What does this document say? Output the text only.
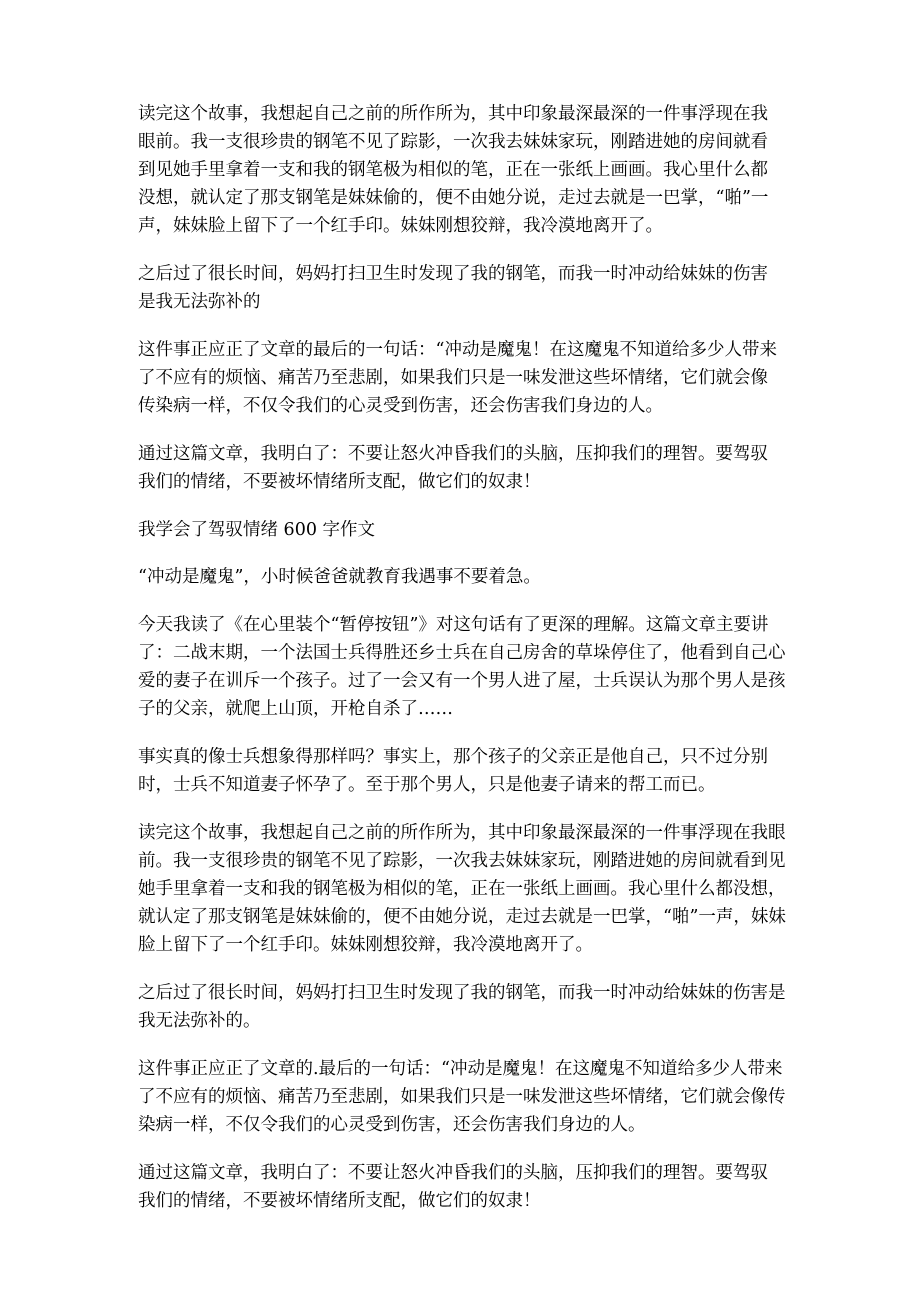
读完这个故事，我想起自己之前的所作所为，其中印象最深最深的一件事浮现在我眼前。我一支很珍贵的钢笔不见了踪影，一次我去妹妹家玩，刚踏进她的房间就看到见她手里拿着一支和我的钢笔极为相似的笔，正在一张纸上画画。我心里什么都没想，就认定了那支钢笔是妹妹偷的，便不由她分说，走过去就是一巴掌，“啪”一声，妹妹脸上留下了一个红手印。妹妹刚想狡辩，我冷漠地离开了。

之后过了很长时间，妈妈打扫卫生时发现了我的钢笔，而我一时冲动给妹妹的伤害是我无法弥补的

这件事正应正了文章的最后的一句话：“冲动是魔鬼！在这魔鬼不知道给多少人带来了不应有的烦恼、痛苦乃至悲剧，如果我们只是一味发泄这些坏情绪，它们就会像传染病一样，不仅令我们的心灵受到伤害，还会伤害我们身边的人。

通过这篇文章，我明白了：不要让怒火冲昏我们的头脑，压抑我们的理智。要驾驭我们的情绪，不要被坏情绪所支配，做它们的奴隶！

我学会了驾驭情绪 600 字作文

“冲动是魔鬼”，小时候爸爸就教育我遇事不要着急。

今天我读了《在心里装个“暂停按钮”》对这句话有了更深的理解。这篇文章主要讲了：二战末期，一个法国士兵得胜还乡士兵在自己房舍的草垛停住了，他看到自己心爱的妻子在训斥一个孩子。过了一会又有一个男人进了屋，士兵误认为那个男人是孩子的父亲，就爬上山顶，开枪自杀了……

事实真的像士兵想象得那样吗？事实上，那个孩子的父亲正是他自己，只不过分别时，士兵不知道妻子怀孕了。至于那个男人，只是他妻子请来的帮工而已。

读完这个故事，我想起自己之前的所作所为，其中印象最深最深的一件事浮现在我眼前。我一支很珍贵的钢笔不见了踪影，一次我去妹妹家玩，刚踏进她的房间就看到见她手里拿着一支和我的钢笔极为相似的笔，正在一张纸上画画。我心里什么都没想，就认定了那支钢笔是妹妹偷的，便不由她分说，走过去就是一巴掌，“啪”一声，妹妹脸上留下了一个红手印。妹妹刚想狡辩，我冷漠地离开了。

之后过了很长时间，妈妈打扫卫生时发现了我的钢笔，而我一时冲动给妹妹的伤害是我无法弥补的。

这件事正应正了文章的.最后的一句话：“冲动是魔鬼！在这魔鬼不知道给多少人带来了不应有的烦恼、痛苦乃至悲剧，如果我们只是一味发泄这些坏情绪，它们就会像传染病一样，不仅令我们的心灵受到伤害，还会伤害我们身边的人。

通过这篇文章，我明白了：不要让怒火冲昏我们的头脑，压抑我们的理智。要驾驭我们的情绪，不要被坏情绪所支配，做它们的奴隶！
